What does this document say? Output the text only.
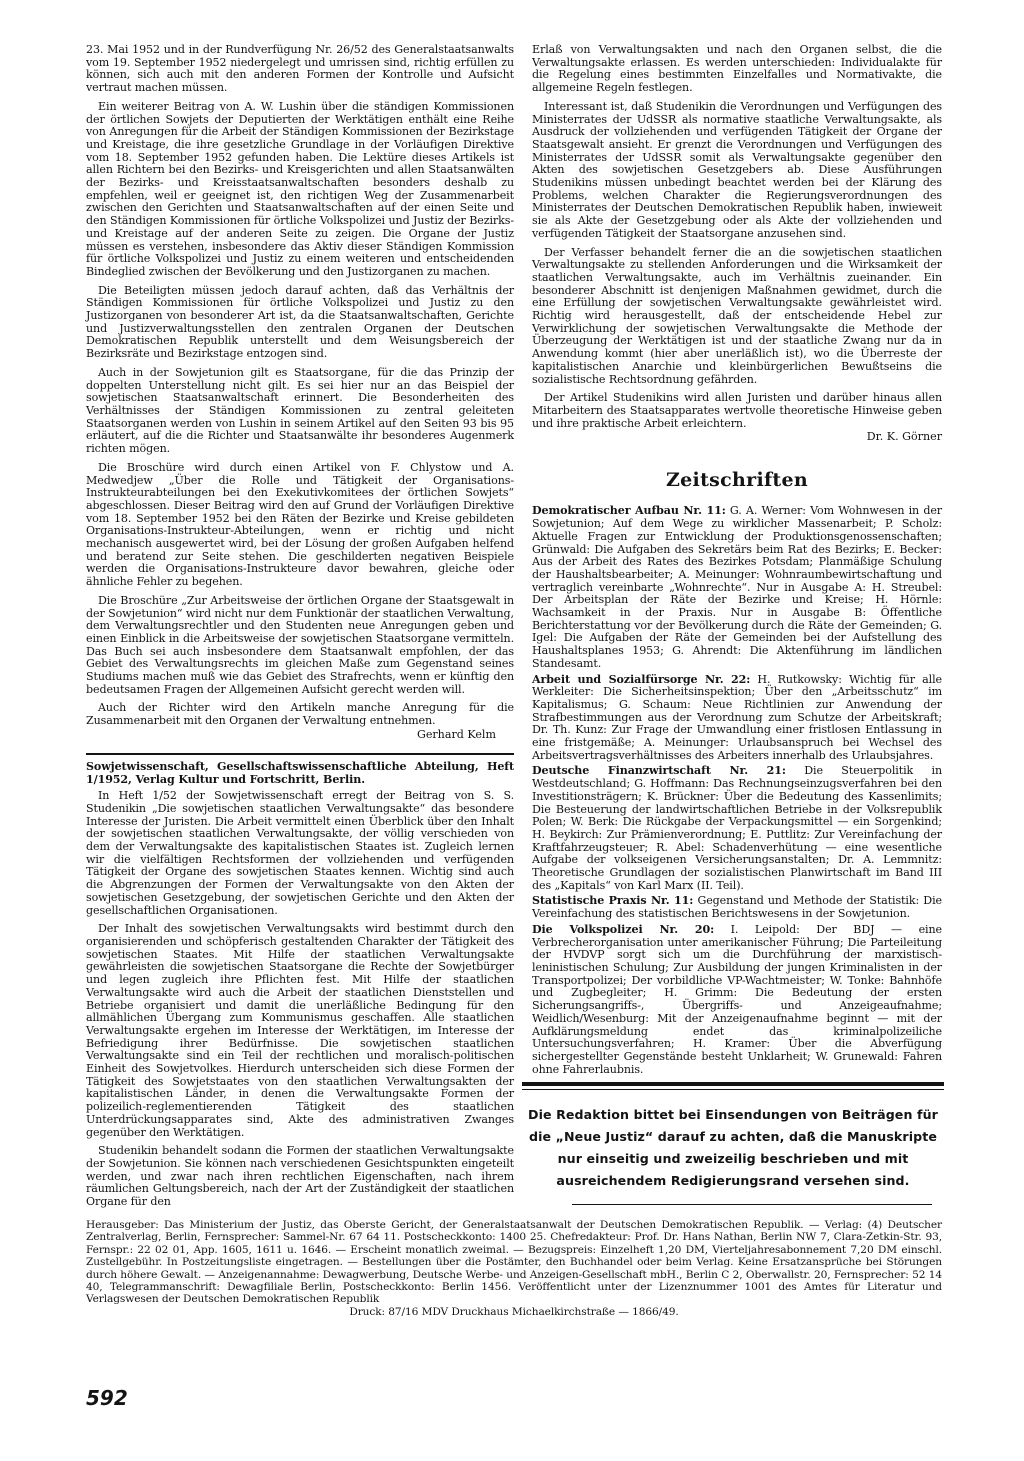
23. Mai 1952 und in der Rundverfügung Nr. 26/52 des Generalstaatsanwalts vom 19. September 1952 niedergelegt und umrissen sind, richtig erfüllen zu können, sich auch mit den anderen Formen der Kontrolle und Aufsicht vertraut machen müssen.

Ein weiterer Beitrag von A. W. Lushin über die ständigen Kommissionen der örtlichen Sowjets der Deputierten der Werktätigen enthält eine Reihe von Anregungen für die Arbeit der Ständigen Kommissionen der Bezirkstage und Kreistage, die ihre gesetzliche Grundlage in der Vorläufigen Direktive vom 18. September 1952 gefunden haben. Die Lektüre dieses Artikels ist allen Richtern bei den Bezirks- und Kreisgerichten und allen Staatsanwälten der Bezirks- und Kreisstaatsanwaltschaften besonders deshalb zu empfehlen, weil er geeignet ist, den richtigen Weg der Zusammenarbeit zwischen den Gerichten und Staatsanwaltschaften auf der einen Seite und den Ständigen Kommissionen für örtliche Volkspolizei und Justiz der Bezirks- und Kreistage auf der anderen Seite zu zeigen. Die Organe der Justiz müssen es verstehen, insbesondere das Aktiv dieser Ständigen Kommission für örtliche Volkspolizei und Justiz zu einem weiteren und entscheidenden Bindeglied zwischen der Bevölkerung und den Justizorganen zu machen.

Die Beteiligten müssen jedoch darauf achten, daß das Verhältnis der Ständigen Kommissionen für örtliche Volkspolizei und Justiz zu den Justizorganen von besonderer Art ist, da die Staatsanwaltschaften, Gerichte und Justizverwaltungsstellen den zentralen Organen der Deutschen Demokratischen Republik unterstellt und dem Weisungsbereich der Bezirksräte und Bezirkstage entzogen sind.

Auch in der Sowjetunion gilt es Staatsorgane, für die das Prinzip der doppelten Unterstellung nicht gilt. Es sei hier nur an das Beispiel der sowjetischen Staatsanwaltschaft erinnert. Die Besonderheiten des Verhältnisses der Ständigen Kommissionen zu zentral geleiteten Staatsorganen werden von Lushin in seinem Artikel auf den Seiten 93 bis 95 erläutert, auf die die Richter und Staatsanwälte ihr besonderes Augenmerk richten mögen.

Die Broschüre wird durch einen Artikel von F. Chlystow und A. Medwedjew „Über die Rolle und Tätigkeit der Organisations-Instrukteurabteilungen bei den Exekutivkomitees der örtlichen Sowjets“ abgeschlossen. Dieser Beitrag wird den auf Grund der Vorläufigen Direktive vom 18. September 1952 bei den Räten der Bezirke und Kreise gebildeten Organisations-Instrukteur-Abteilungen, wenn er richtig und nicht mechanisch ausgewertet wird, bei der Lösung der großen Aufgaben helfend und beratend zur Seite stehen. Die geschilderten negativen Beispiele werden die Organisations-Instrukteure davor bewahren, gleiche oder ähnliche Fehler zu begehen.

Die Broschüre „Zur Arbeitsweise der örtlichen Organe der Staatsgewalt in der Sowjetunion“ wird nicht nur dem Funktionär der staatlichen Verwaltung, dem Verwaltungsrechtler und den Studenten neue Anregungen geben und einen Einblick in die Arbeitsweise der sowjetischen Staatsorgane vermitteln. Das Buch sei auch insbesondere dem Staatsanwalt empfohlen, der das Gebiet des Verwaltungsrechts im gleichen Maße zum Gegenstand seines Studiums machen muß wie das Gebiet des Strafrechts, wenn er künftig den bedeutsamen Fragen der Allgemeinen Aufsicht gerecht werden will.

Auch der Richter wird den Artikeln manche Anregung für die Zusammenarbeit mit den Organen der Verwaltung entnehmen.

Gerhard Kelm

Sowjetwissenschaft, Gesellschaftswissenschaftliche Abteilung, Heft 1/1952, Verlag Kultur und Fortschritt, Berlin.

In Heft 1/52 der Sowjetwissenschaft erregt der Beitrag von S. S. Studenikin „Die sowjetischen staatlichen Verwaltungsakte“ das besondere Interesse der Juristen. Die Arbeit vermittelt einen Überblick über den Inhalt der sowjetischen staatlichen Verwaltungsakte, der völlig verschieden von dem der Verwaltungsakte des kapitalistischen Staates ist. Zugleich lernen wir die vielfältigen Rechtsformen der vollziehenden und verfügenden Tätigkeit der Organe des sowjetischen Staates kennen. Wichtig sind auch die Abgrenzungen der Formen der Verwaltungsakte von den Akten der sowjetischen Gesetzgebung, der sowjetischen Gerichte und den Akten der gesellschaftlichen Organisationen.

Der Inhalt des sowjetischen Verwaltungsakts wird bestimmt durch den organisierenden und schöpferisch gestaltenden Charakter der Tätigkeit des sowjetischen Staates. Mit Hilfe der staatlichen Verwaltungsakte gewährleisten die sowjetischen Staatsorgane die Rechte der Sowjetbürger und legen zugleich ihre Pflichten fest. Mit Hilfe der staatlichen Verwaltungsakte wird auch die Arbeit der staatlichen Dienststellen und Betriebe organisiert und damit die unerläßliche Bedingung für den allmählichen Übergang zum Kommunismus geschaffen. Alle staatlichen Verwaltungsakte ergehen im Interesse der Werktätigen, im Interesse der Befriedigung ihrer Bedürfnisse. Die sowjetischen staatlichen Verwaltungsakte sind ein Teil der rechtlichen und moralisch-politischen Einheit des Sowjetvolkes. Hierdurch unterscheiden sich diese Formen der Tätigkeit des Sowjetstaates von den staatlichen Verwaltungsakten der kapitalistischen Länder, in denen die Verwaltungsakte Formen der polizeilich-reglementierenden Tätigkeit des staatlichen Unterdrückungsapparates sind, Akte des administrativen Zwanges gegenüber den Werktätigen.

Studenikin behandelt sodann die Formen der staatlichen Verwaltungsakte der Sowjetunion. Sie können nach verschiedenen Gesichtspunkten eingeteilt werden, und zwar nach ihren rechtlichen Eigenschaften, nach ihrem räumlichen Geltungsbereich, nach der Art der Zuständigkeit der staatlichen Organe für den

Erlaß von Verwaltungsakten und nach den Organen selbst, die die Verwaltungsakte erlassen. Es werden unterschieden: Individualakte für die Regelung eines bestimmten Einzelfalles und Normativakte, die allgemeine Regeln festlegen.

Interessant ist, daß Studenikin die Verordnungen und Verfügungen des Ministerrates der UdSSR als normative staatliche Verwaltungsakte, als Ausdruck der vollziehenden und verfügenden Tätigkeit der Organe der Staatsgewalt ansieht. Er grenzt die Verordnungen und Verfügungen des Ministerrates der UdSSR somit als Verwaltungsakte gegenüber den Akten des sowjetischen Gesetzgebers ab. Diese Ausführungen Studenikins müssen unbedingt beachtet werden bei der Klärung des Problems, welchen Charakter die Regierungsverordnungen des Ministerrates der Deutschen Demokratischen Republik haben, inwieweit sie als Akte der Gesetzgebung oder als Akte der vollziehenden und verfügenden Tätigkeit der Staatsorgane anzusehen sind.

Der Verfasser behandelt ferner die an die sowjetischen staatlichen Verwaltungsakte zu stellenden Anforderungen und die Wirksamkeit der staatlichen Verwaltungsakte, auch im Verhältnis zueinander. Ein besonderer Abschnitt ist denjenigen Maßnahmen gewidmet, durch die eine Erfüllung der sowjetischen Verwaltungsakte gewährleistet wird. Richtig wird herausgestellt, daß der entscheidende Hebel zur Verwirklichung der sowjetischen Verwaltungsakte die Methode der Überzeugung der Werktätigen ist und der staatliche Zwang nur da in Anwendung kommt (hier aber unerläßlich ist), wo die Überreste der kapitalistischen Anarchie und kleinbürgerlichen Bewußtseins die sozialistische Rechtsordnung gefährden.

Der Artikel Studenikins wird allen Juristen und darüber hinaus allen Mitarbeitern des Staatsapparates wertvolle theoretische Hinweise geben und ihre praktische Arbeit erleichtern.

Dr. K. Görner

Zeitschriften

Demokratischer Aufbau Nr. 11: G. A. Werner: Vom Wohnwesen in der Sowjetunion; Auf dem Wege zu wirklicher Massenarbeit; P. Scholz: Aktuelle Fragen zur Entwicklung der Produktionsgenossenschaften; Grünwald: Die Aufgaben des Sekretärs beim Rat des Bezirks; E. Becker: Aus der Arbeit des Rates des Bezirkes Potsdam; Planmäßige Schulung der Haushaltsbearbeiter; A. Meinunger: Wohnraumbewirtschaftung und vertraglich vereinbarte „Wohnrechte“. Nur in Ausgabe A: H. Streubel: Der Arbeitsplan der Räte der Bezirke und Kreise; H. Hörnle: Wachsamkeit in der Praxis. Nur in Ausgabe B: Öffentliche Berichterstattung vor der Bevölkerung durch die Räte der Gemeinden; G. Igel: Die Aufgaben der Räte der Gemeinden bei der Aufstellung des Haushaltsplanes 1953; G. Ahrendt: Die Aktenführung im ländlichen Standesamt.

Arbeit und Sozialfürsorge Nr. 22: H. Rutkowsky: Wichtig für alle Werkleiter: Die Sicherheitsinspektion; Über den „Arbeitsschutz“ im Kapitalismus; G. Schaum: Neue Richtlinien zur Anwendung der Strafbestimmungen aus der Verordnung zum Schutze der Arbeitskraft; Dr. Th. Kunz: Zur Frage der Umwandlung einer fristlosen Entlassung in eine fristgemäße; A. Meinunger: Urlaubsanspruch bei Wechsel des Arbeitsvertragsverhältnisses des Arbeiters innerhalb des Urlaubsjahres.

Deutsche Finanzwirtschaft Nr. 21: Die Steuerpolitik in Westdeutschland; G. Hoffmann: Das Rechnungseinzugsverfahren bei den Investitionsträgern; K. Brückner: Über die Bedeutung des Kassenlimits; Die Besteuerung der landwirtschaftlichen Betriebe in der Volksrepublik Polen; W. Berk: Die Rückgabe der Verpackungsmittel — ein Sorgenkind; H. Beykirch: Zur Prämienverordnung; E. Puttlitz: Zur Vereinfachung der Kraftfahrzeugsteuer; R. Abel: Schadenverhütung — eine wesentliche Aufgabe der volkseigenen Versicherungsanstalten; Dr. A. Lemmnitz: Theoretische Grundlagen der sozialistischen Planwirtschaft im Band III des „Kapitals“ von Karl Marx (II. Teil).

Statistische Praxis Nr. 11: Gegenstand und Methode der Statistik: Die Vereinfachung des statistischen Berichtswesens in der Sowjetunion.

Die Volkspolizei Nr. 20: I. Leipold: Der BDJ — eine Verbrecherorganisation unter amerikanischer Führung; Die Parteileitung der HVDVP sorgt sich um die Durchführung der marxistisch-leninistischen Schulung; Zur Ausbildung der jungen Kriminalisten in der Transportpolizei; Der vorbildliche VP-Wachtmeister; W. Tonke: Bahnhöfe und Zugbegleiter; H. Grimm: Die Bedeutung der ersten Sicherungsangriffs-, Übergriffs- und Anzeigeaufnahme; Weidlich/Wesenburg: Mit der Anzeigenaufnahme beginnt — mit der Aufklärungsmeldung endet das kriminalpolizeiliche Untersuchungsverfahren; H. Kramer: Über die Abverfügung sichergestellter Gegenstände besteht Unklarheit; W. Grunewald: Fahren ohne Fahrerlaubnis.

Die Redaktion bittet bei Einsendungen von Beiträgen für die „Neue Justiz“ darauf zu achten, daß die Manuskripte nur einseitig und zweizeilig beschrieben und mit ausreichendem Redigierungsrand versehen sind.

Herausgeber: Das Ministerium der Justiz, das Oberste Gericht, der Generalstaatsanwalt der Deutschen Demokratischen Republik. — Verlag: (4) Deutscher Zentralverlag, Berlin, Fernsprecher: Sammel-Nr. 67 64 11. Postscheckkonto: 1400 25. Chefredakteur: Prof. Dr. Hans Nathan, Berlin NW 7, Clara-Zetkin-Str. 93, Fernspr.: 22 02 01, App. 1605, 1611 u. 1646. — Erscheint monatlich zweimal. — Bezugspreis: Einzelheft 1,20 DM, Vierteljahresabonnement 7,20 DM einschl. Zustellgebühr. In Postzeitungsliste eingetragen. — Bestellungen über die Postämter, den Buchhandel oder beim Verlag. Keine Ersatzansprüche bei Störungen durch höhere Gewalt. — Anzeigenannahme: Dewagwerbung, Deutsche Werbe- und Anzeigen-Gesellschaft mbH., Berlin C 2, Oberwallstr. 20, Fernsprecher: 52 14 40, Telegrammanschrift: Dewagfiliale Berlin, Postscheckkonto: Berlin 1456. Veröffentlicht unter der Lizenznummer 1001 des Amtes für Literatur und Verlagswesen der Deutschen Demokratischen Republik

Druck: 87/16 MDV Druckhaus Michaelkirchstraße — 1866/49.

592
